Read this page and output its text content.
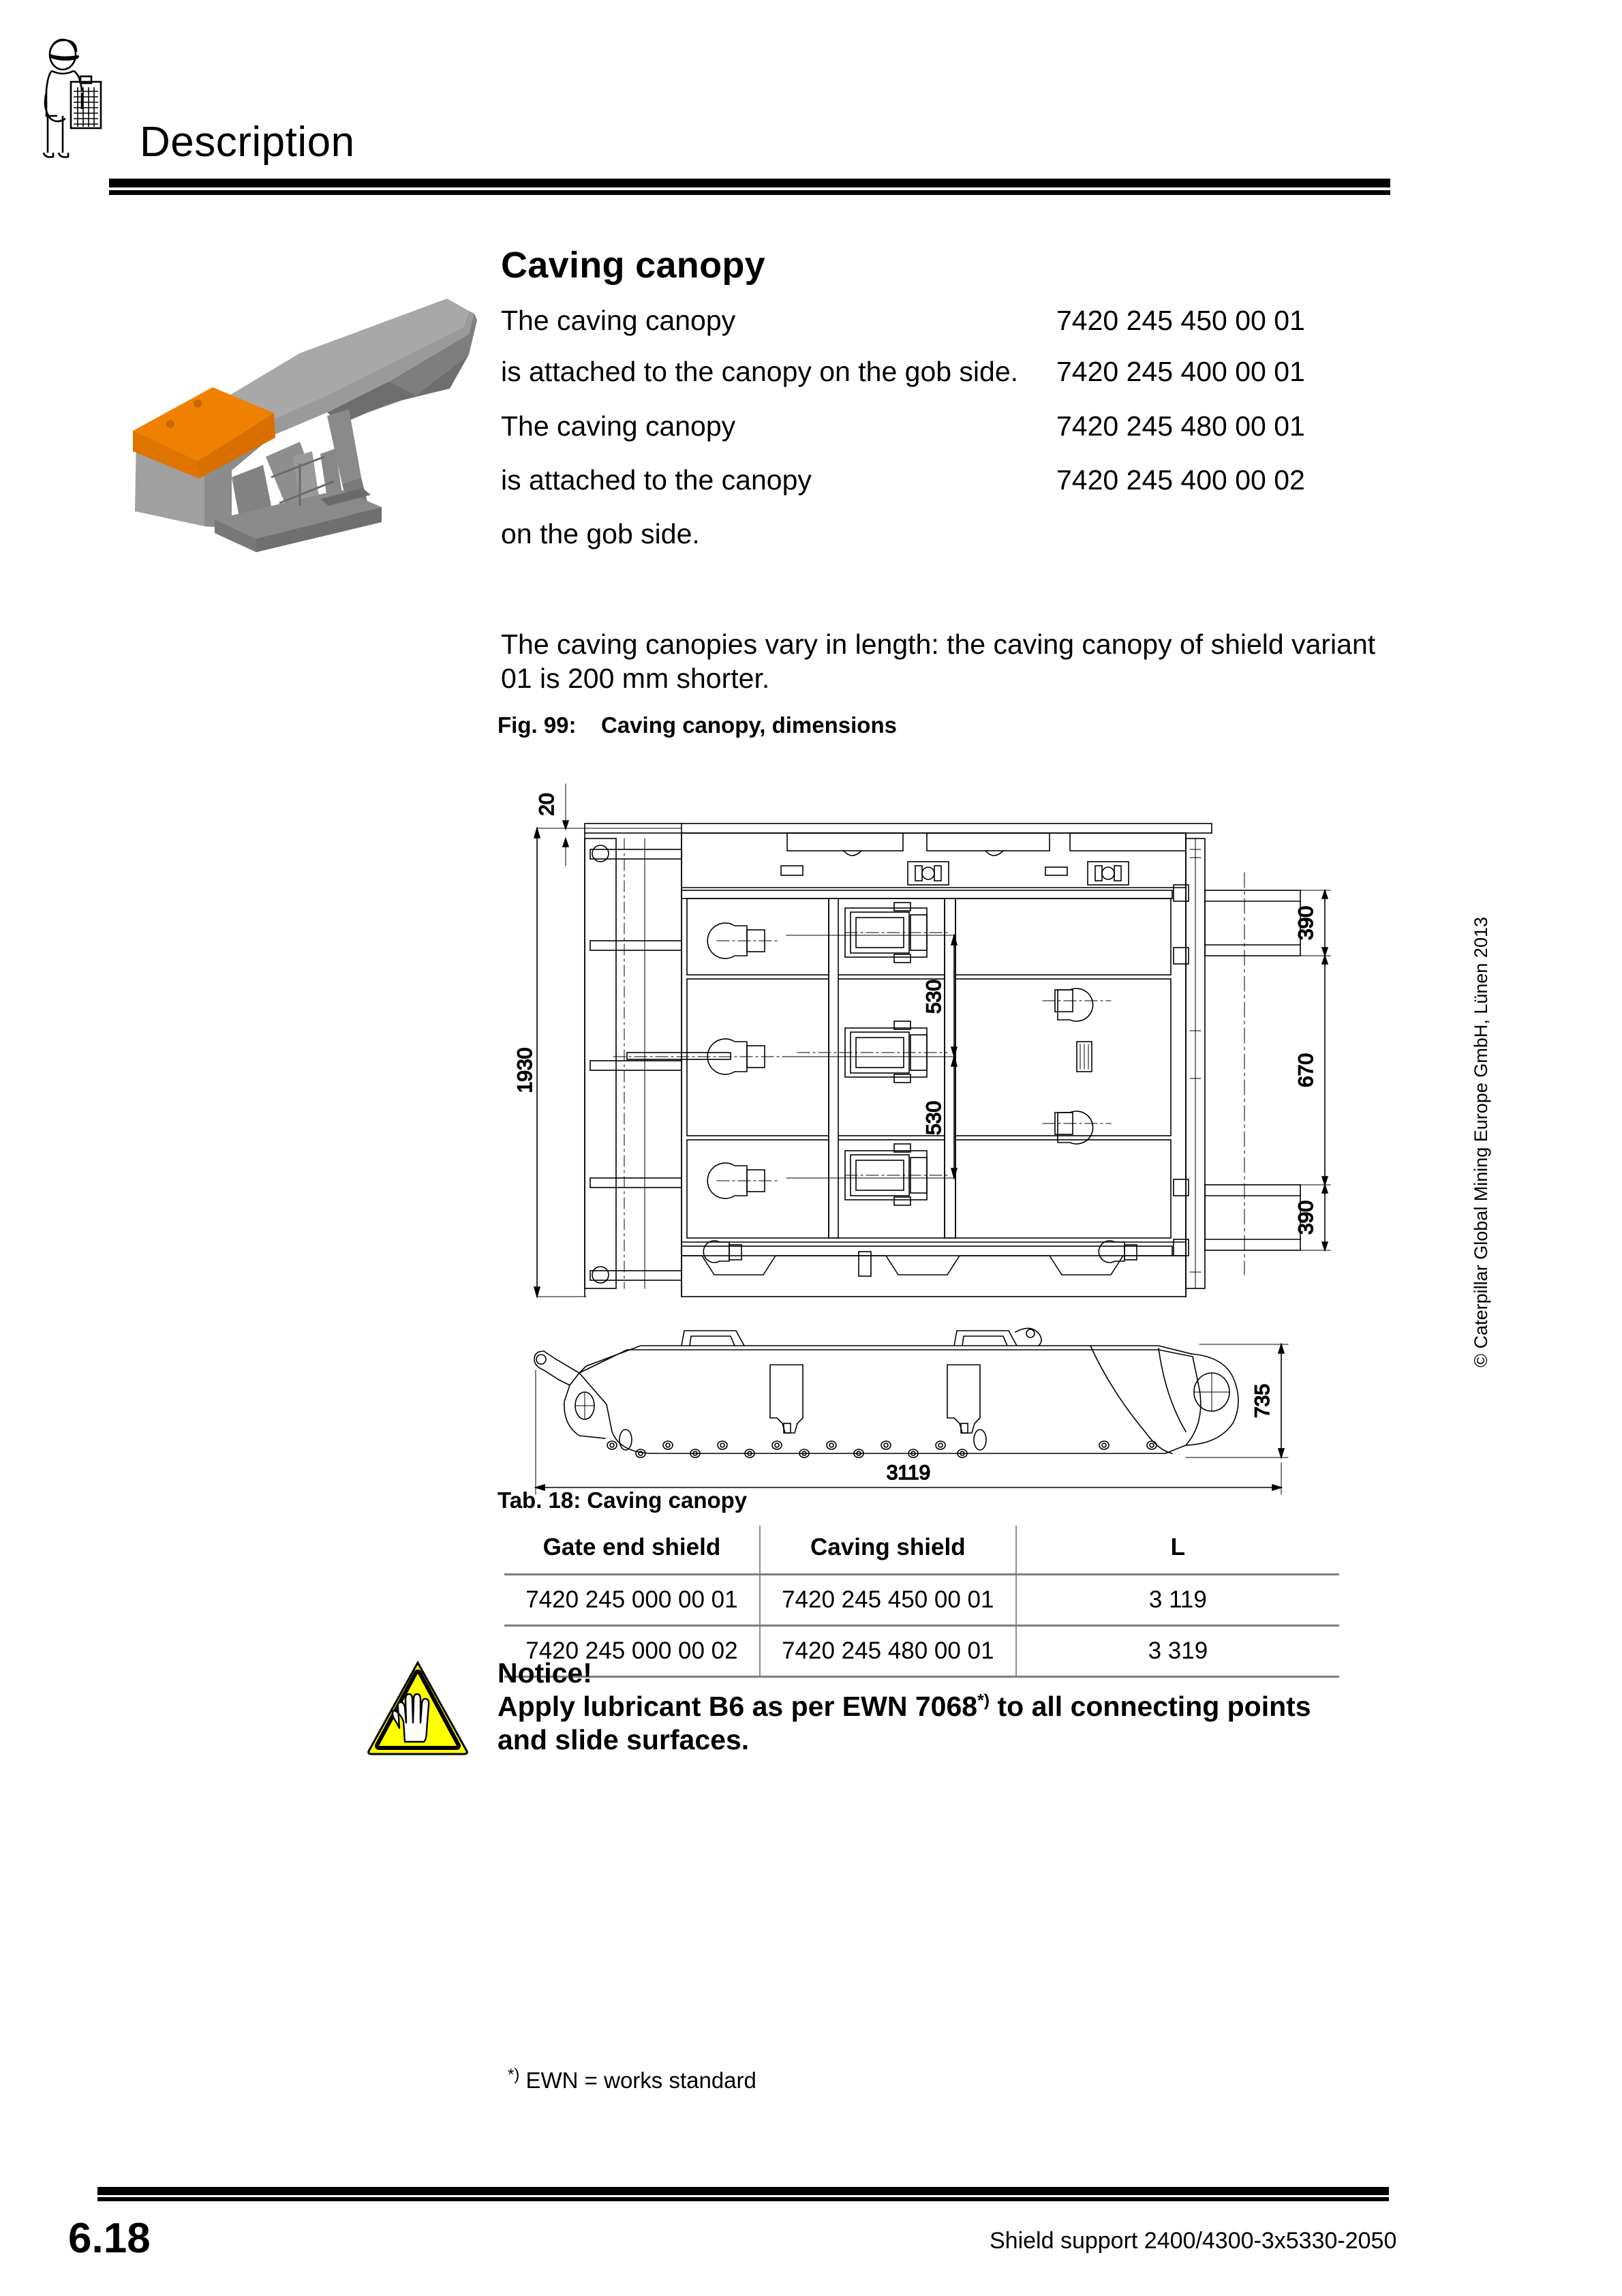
Description
Caving canopy
The caving canopy	7420 245 450 00 01
is attached to the canopy on the gob side. 7420 245 400 00 01
The caving canopy	7420 245 480 00 01
is attached to the canopy	7420 245 400 00 02
on the gob side.
The caving canopies vary in length: the caving canopy of shield variant 01 is 200 mm shorter.
Fig. 99: Caving canopy, dimensions
1930
20
530
530
390
670
390
735
3119
Tab. 18: Caving canopy
Gate end shield	Caving shield	L
7420 245 000 00 01	7420 245 450 00 01	3 119
7420 245 000 00 02	7420 245 480 00 01	3 319
Notice!
Apply lubricant B6 as per EWN 7068*) to all connecting points
and slide surfaces.
*) EWN = works standard
© Caterpillar Global Mining Europe GmbH, Lünen 2013
6.18	Shield support 2400/4300-3x5330-2050
